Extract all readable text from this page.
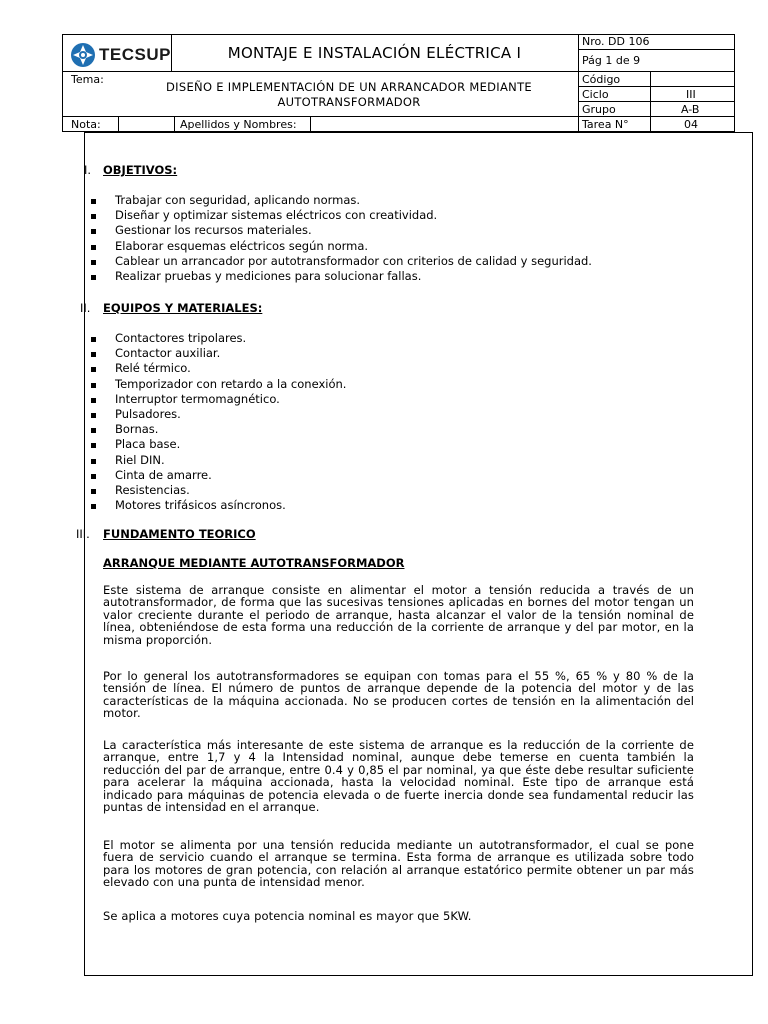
TECSUP	MONTAJE E INSTALACIÓN ELÉCTRICA I
Tema:
DISEÑO E IMPLEMENTACIÓN DE UN ARRANCADOR MEDIANTE
AUTOTRANSFORMADOR
Nota:	Apellidos y Nombres:
Nro. DD 106
Pág 1 de 9
Código
Ciclo	III
Grupo	A-B
Tarea N°	04
I. OBJETIVOS:
Trabajar con seguridad, aplicando normas.
Diseñar y optimizar sistemas eléctricos con creatividad.
Gestionar los recursos materiales.
Elaborar esquemas eléctricos según norma.
Cablear un arrancador por autotransformador con criterios de calidad y seguridad.
Realizar pruebas y mediciones para solucionar fallas.
II. EQUIPOS Y MATERIALES:
Contactores tripolares.
Contactor auxiliar.
Relé térmico.
Temporizador con retardo a la conexión.
Interruptor termomagnético.
Pulsadores.
Bornas.
Placa base.
Riel DIN.
Cinta de amarre.
Resistencias.
Motores trifásicos asíncronos.
III. FUNDAMENTO TEORICO
ARRANQUE MEDIANTE AUTOTRANSFORMADOR

Este sistema de arranque consiste en alimentar el motor a tensión reducida a través de un autotransformador, de forma que las sucesivas tensiones aplicadas en bornes del motor tengan un valor creciente durante el periodo de arranque, hasta alcanzar el valor de la tensión nominal de línea, obteniéndose de esta forma una reducción de la corriente de arranque y del par motor, en la misma proporción.

Por lo general los autotransformadores se equipan con tomas para el 55 %, 65 % y 80 % de la tensión de línea. El número de puntos de arranque depende de la potencia del motor y de las características de la máquina accionada. No se producen cortes de tensión en la alimentación del motor.

La característica más interesante de este sistema de arranque es la reducción de la corriente de arranque, entre 1,7 y 4 la Intensidad nominal, aunque debe temerse en cuenta también la reducción del par de arranque, entre 0.4 y 0,85 el par nominal, ya que éste debe resultar suficiente para acelerar la máquina accionada, hasta la velocidad nominal. Este tipo de arranque está indicado para máquinas de potencia elevada o de fuerte inercia donde sea fundamental reducir las puntas de intensidad en el arranque.

El motor se alimenta por una tensión reducida mediante un autotransformador, el cual se pone fuera de servicio cuando el arranque se termina. Esta forma de arranque es utilizada sobre todo para los motores de gran potencia, con relación al arranque estatórico permite obtener un par más elevado con una punta de intensidad menor.

Se aplica a motores cuya potencia nominal es mayor que 5KW.
